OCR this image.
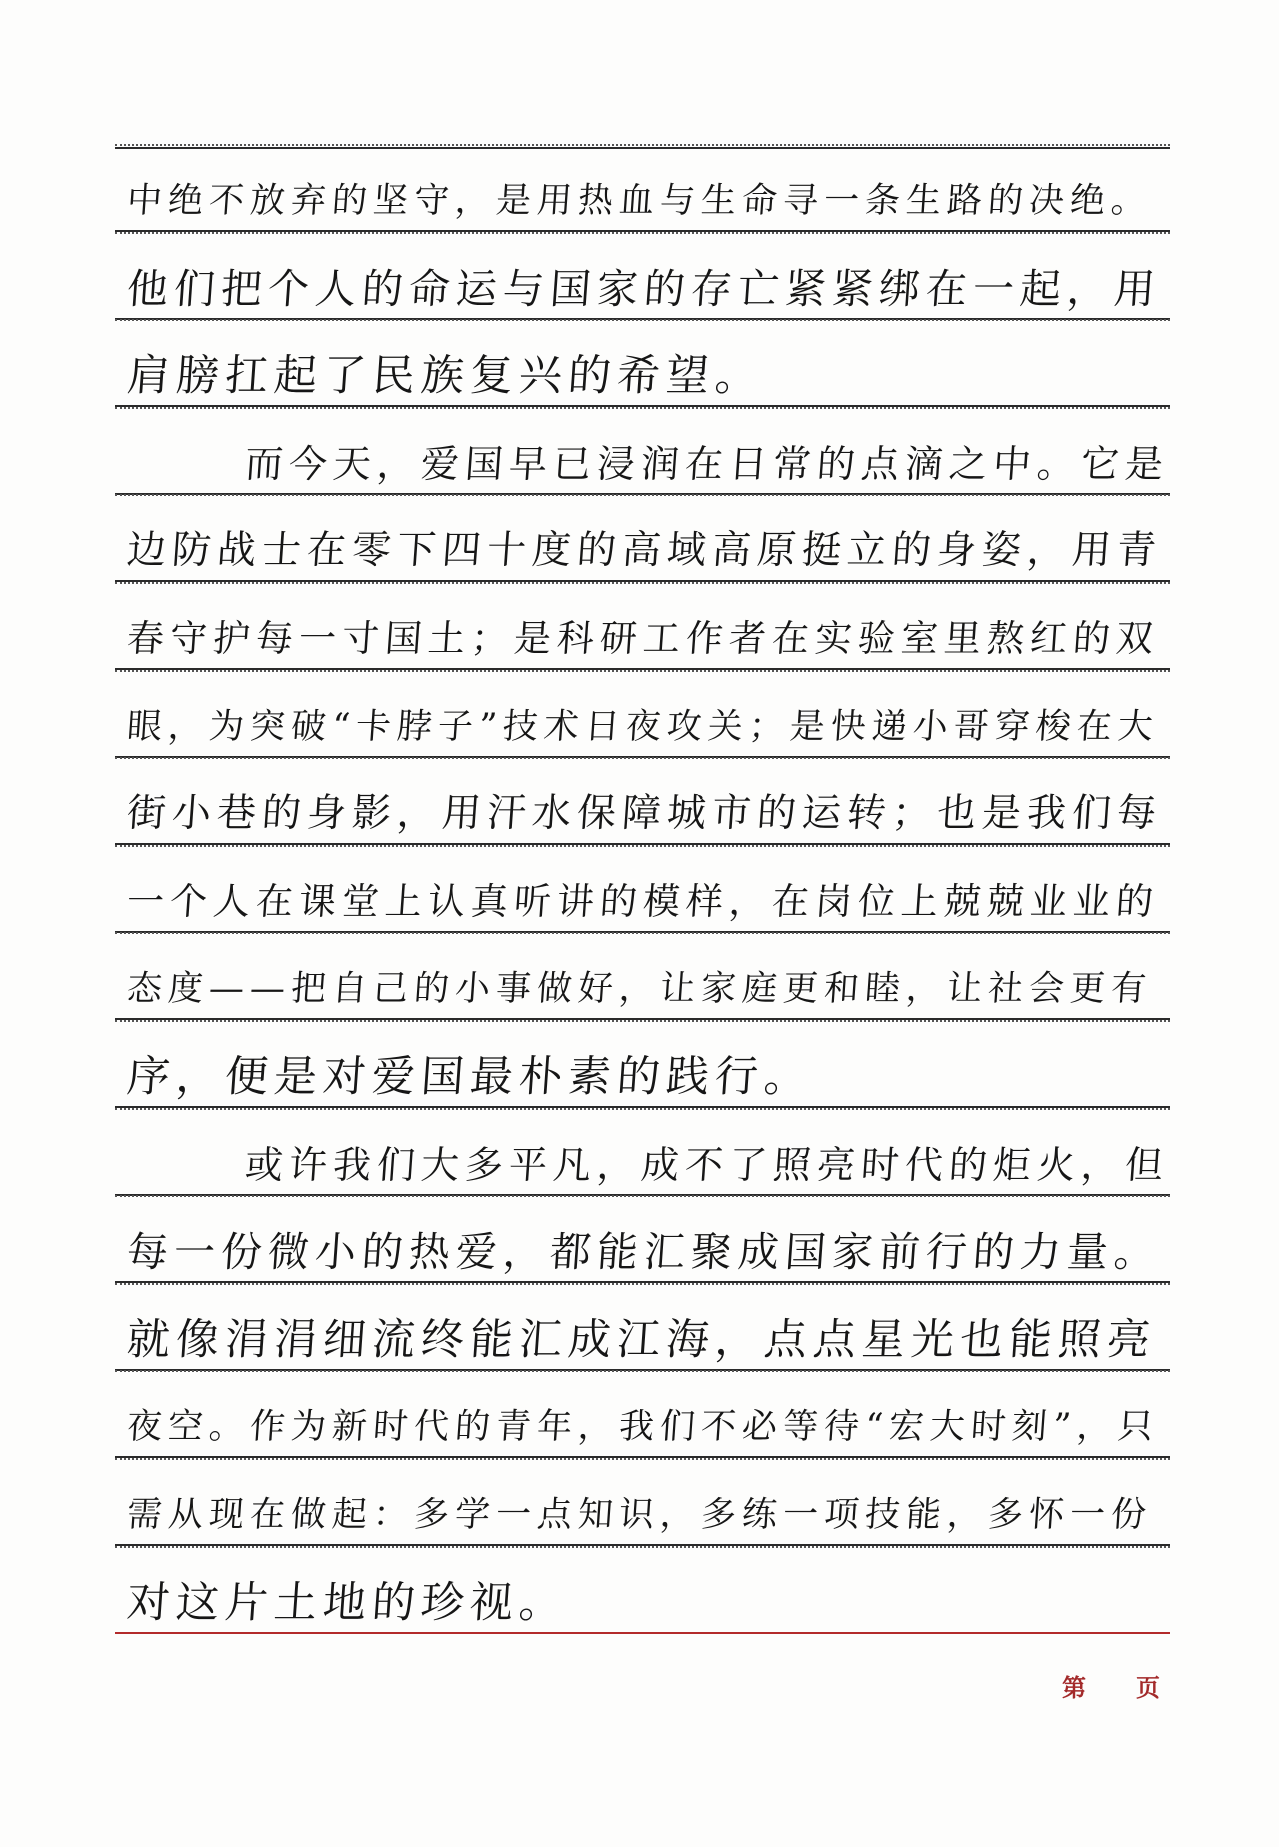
中绝不放弃的坚守，是用热血与生命寻一条生路的决绝。
他们把个人的命运与国家的存亡紧紧绑在一起，用
肩膀扛起了民族复兴的希望。
而今天，爱国早已浸润在日常的点滴之中。它是
边防战士在零下四十度的高域高原挺立的身姿，用青
春守护每一寸国土；是科研工作者在实验室里熬红的双
眼，为突破“卡脖子”技术日夜攻关；是快递小哥穿梭在大
街小巷的身影，用汗水保障城市的运转；也是我们每
一个人在课堂上认真听讲的模样，在岗位上兢兢业业的
态度——把自己的小事做好，让家庭更和睦，让社会更有
序，便是对爱国最朴素的践行。
或许我们大多平凡，成不了照亮时代的炬火，但
每一份微小的热爱，都能汇聚成国家前行的力量。
就像涓涓细流终能汇成江海，点点星光也能照亮
夜空。作为新时代的青年，我们不必等待“宏大时刻”，只
需从现在做起：多学一点知识，多练一项技能，多怀一份
对这片土地的珍视。
第 页
